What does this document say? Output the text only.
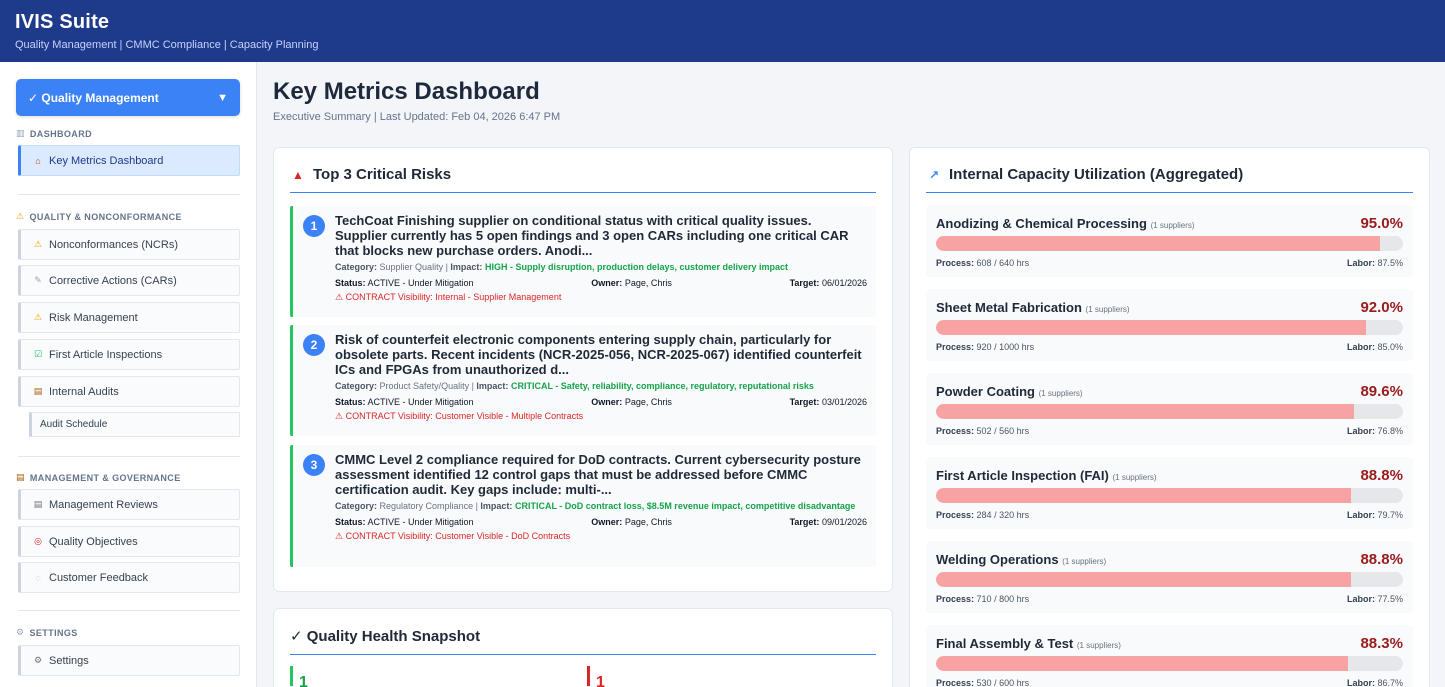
IVIS Suite
Quality Management | CMMC Compliance | Capacity Planning
✓ Quality Management	▼
▥ DASHBOARD
⌂ Key Metrics Dashboard
⚠ QUALITY & NONCONFORMANCE
⚠ Nonconformances (NCRs)
✎ Corrective Actions (CARs)
⚠ Risk Management
☑ First Article Inspections
▤ Internal Audits
Audit Schedule
▤ MANAGEMENT & GOVERNANCE
▤ Management Reviews
◎ Quality Objectives
◌ Customer Feedback
⚙ SETTINGS
⚙ Settings
Key Metrics Dashboard
Executive Summary | Last Updated: Feb 04, 2026 6:47 PM
▲ Top 3 Critical Risks
1	TechCoat Finishing supplier on conditional status with critical quality issues. Supplier currently has 5 open findings and 3 open CARs including one critical CAR that blocks new purchase orders. Anodi...
Category: Supplier Quality | Impact: HIGH - Supply disruption, production delays, customer delivery impact
Status: ACTIVE - Under Mitigation	Owner: Page, Chris	Target: 06/01/2026
⚠ CONTRACT Visibility: Internal - Supplier Management
2	Risk of counterfeit electronic components entering supply chain, particularly for obsolete parts. Recent incidents (NCR-2025-056, NCR-2025-067) identified counterfeit ICs and FPGAs from unauthorized d...
Category: Product Safety/Quality | Impact: CRITICAL - Safety, reliability, compliance, regulatory, reputational risks
Status: ACTIVE - Under Mitigation	Owner: Page, Chris	Target: 03/01/2026
⚠ CONTRACT Visibility: Customer Visible - Multiple Contracts
3	CMMC Level 2 compliance required for DoD contracts. Current cybersecurity posture assessment identified 12 control gaps that must be addressed before CMMC certification audit. Key gaps include: multi-...
Category: Regulatory Compliance | Impact: CRITICAL - DoD contract loss, $8.5M revenue impact, competitive disadvantage
Status: ACTIVE - Under Mitigation	Owner: Page, Chris	Target: 09/01/2026
⚠ CONTRACT Visibility: Customer Visible - DoD Contracts
✓ Quality Health Snapshot
1	1
↗ Internal Capacity Utilization (Aggregated)
Anodizing & Chemical Processing (1 suppliers)	95.0%
Process: 608 / 640 hrs	Labor: 87.5%
Sheet Metal Fabrication (1 suppliers)	92.0%
Process: 920 / 1000 hrs	Labor: 85.0%
Powder Coating (1 suppliers)	89.6%
Process: 502 / 560 hrs	Labor: 76.8%
First Article Inspection (FAI) (1 suppliers)	88.8%
Process: 284 / 320 hrs	Labor: 79.7%
Welding Operations (1 suppliers)	88.8%
Process: 710 / 800 hrs	Labor: 77.5%
Final Assembly & Test (1 suppliers)	88.3%
Process: 530 / 600 hrs	Labor: 86.7%
